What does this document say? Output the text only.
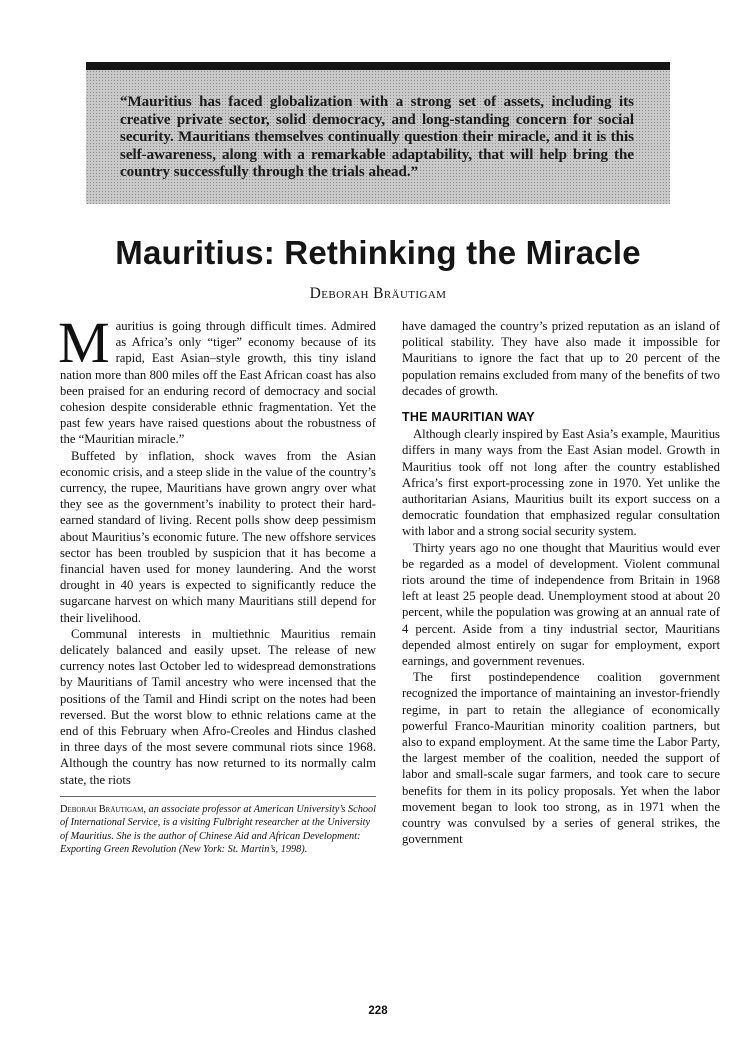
“Mauritius has faced globalization with a strong set of assets, including its creative private sector, solid democracy, and long-standing concern for social security. Mauritians themselves continually question their miracle, and it is this self-awareness, along with a remarkable adaptability, that will help bring the country successfully through the trials ahead.”
Mauritius: Rethinking the Miracle
Deborah Bräutigam

Mauritius is going through difficult times. Admired as Africa’s only “tiger” economy because of its rapid, East Asian–style growth, this tiny island nation more than 800 miles off the East African coast has also been praised for an enduring record of democracy and social cohesion despite considerable ethnic fragmentation. Yet the past few years have raised questions about the robustness of the “Mauritian miracle.”

Buffeted by inflation, shock waves from the Asian economic crisis, and a steep slide in the value of the country’s currency, the rupee, Mauritians have grown angry over what they see as the government’s inability to protect their hard-earned standard of living. Recent polls show deep pessimism about Mauritius’s economic future. The new offshore services sector has been troubled by suspicion that it has become a financial haven used for money laundering. And the worst drought in 40 years is expected to significantly reduce the sugarcane harvest on which many Mauritians still depend for their livelihood.

Communal interests in multiethnic Mauritius remain delicately balanced and easily upset. The release of new currency notes last October led to widespread demonstrations by Mauritians of Tamil ancestry who were incensed that the positions of the Tamil and Hindi script on the notes had been reversed. But the worst blow to ethnic relations came at the end of this February when Afro-Creoles and Hindus clashed in three days of the most severe communal riots since 1968. Although the country has now returned to its normally calm state, the riots

Deborah Bräutigam, an associate professor at American University’s School of International Service, is a visiting Fulbright researcher at the University of Mauritius. She is the author of Chinese Aid and African Development: Exporting Green Revolution (New York: St. Martin’s, 1998).

have damaged the country’s prized reputation as an island of political stability. They have also made it impossible for Mauritians to ignore the fact that up to 20 percent of the population remains excluded from many of the benefits of two decades of growth.

THE MAURITIAN WAY

Although clearly inspired by East Asia’s example, Mauritius differs in many ways from the East Asian model. Growth in Mauritius took off not long after the country established Africa’s first export-processing zone in 1970. Yet unlike the authoritarian Asians, Mauritius built its export success on a democratic foundation that emphasized regular consultation with labor and a strong social security system.

Thirty years ago no one thought that Mauritius would ever be regarded as a model of development. Violent communal riots around the time of independence from Britain in 1968 left at least 25 people dead. Unemployment stood at about 20 percent, while the population was growing at an annual rate of 4 percent. Aside from a tiny industrial sector, Mauritians depended almost entirely on sugar for employment, export earnings, and government revenues.

The first postindependence coalition government recognized the importance of maintaining an investor-friendly regime, in part to retain the allegiance of economically powerful Franco-Mauritian minority coalition partners, but also to expand employment. At the same time the Labor Party, the largest member of the coalition, needed the support of labor and small-scale sugar farmers, and took care to secure benefits for them in its policy proposals. Yet when the labor movement began to look too strong, as in 1971 when the country was convulsed by a series of general strikes, the government

228
